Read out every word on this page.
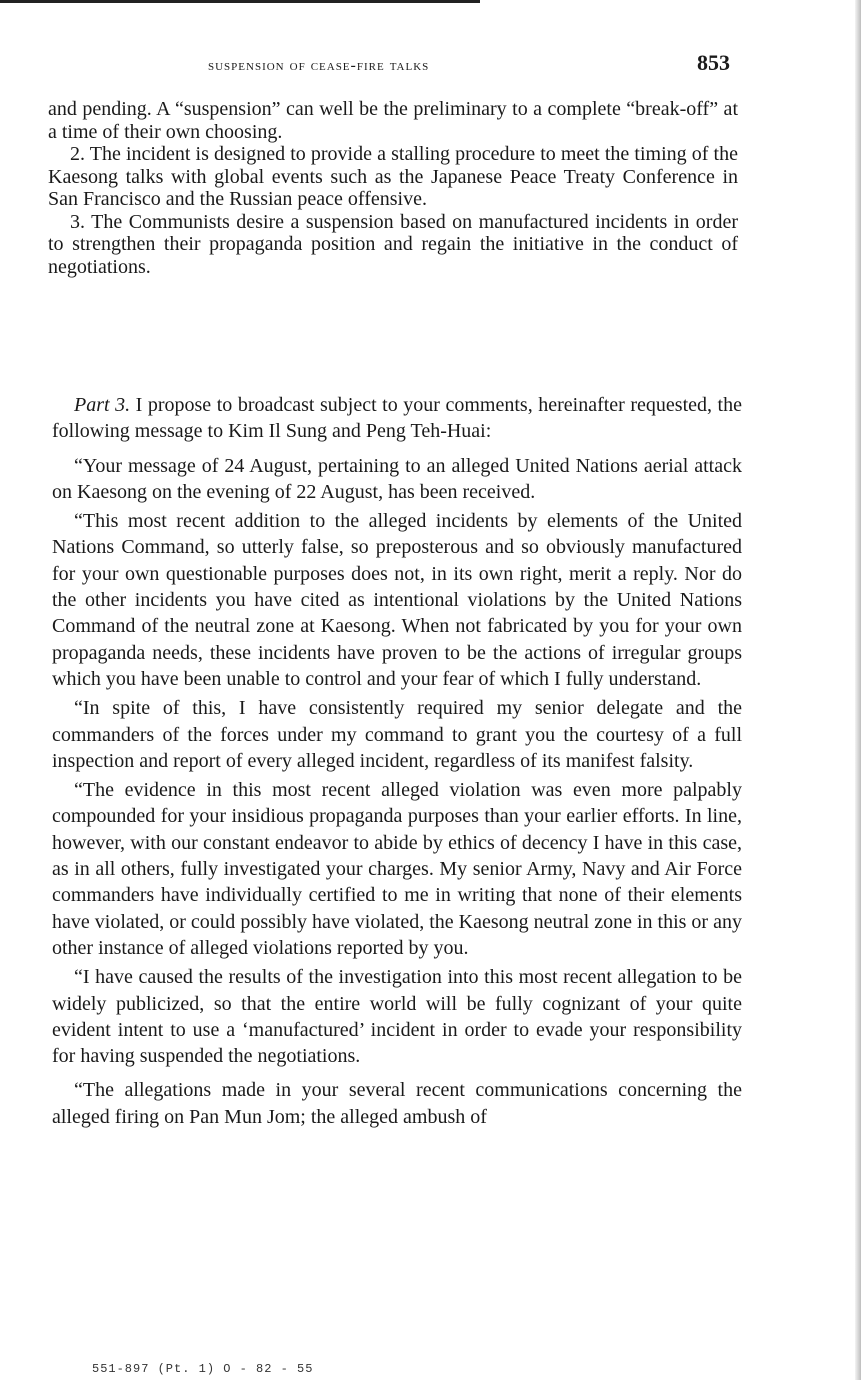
suspension of cease-fire talks	853

and pending. A “suspension” can well be the preliminary to a complete “break-off” at a time of their own choosing.

2. The incident is designed to provide a stalling procedure to meet the timing of the Kaesong talks with global events such as the Japanese Peace Treaty Conference in San Francisco and the Russian peace offensive.

3. The Communists desire a suspension based on manufactured incidents in order to strengthen their propaganda position and regain the initiative in the conduct of negotiations.

Part 3. I propose to broadcast subject to your comments, hereinafter requested, the following message to Kim Il Sung and Peng Teh-Huai:

“Your message of 24 August, pertaining to an alleged United Nations aerial attack on Kaesong on the evening of 22 August, has been received.

“This most recent addition to the alleged incidents by elements of the United Nations Command, so utterly false, so preposterous and so obviously manufactured for your own questionable purposes does not, in its own right, merit a reply. Nor do the other incidents you have cited as intentional violations by the United Nations Command of the neutral zone at Kaesong. When not fabricated by you for your own propaganda needs, these incidents have proven to be the actions of irregular groups which you have been unable to control and your fear of which I fully understand.

“In spite of this, I have consistently required my senior delegate and the commanders of the forces under my command to grant you the courtesy of a full inspection and report of every alleged incident, regardless of its manifest falsity.

“The evidence in this most recent alleged violation was even more palpably compounded for your insidious propaganda purposes than your earlier efforts. In line, however, with our constant endeavor to abide by ethics of decency I have in this case, as in all others, fully investigated your charges. My senior Army, Navy and Air Force commanders have individually certified to me in writing that none of their elements have violated, or could possibly have violated, the Kaesong neutral zone in this or any other instance of alleged violations reported by you.

“I have caused the results of the investigation into this most recent allegation to be widely publicized, so that the entire world will be fully cognizant of your quite evident intent to use a ‘manufactured’ incident in order to evade your responsibility for having suspended the negotiations.

“The allegations made in your several recent communications concerning the alleged firing on Pan Mun Jom; the alleged ambush of

551-897 (Pt. 1) O - 82 - 55
